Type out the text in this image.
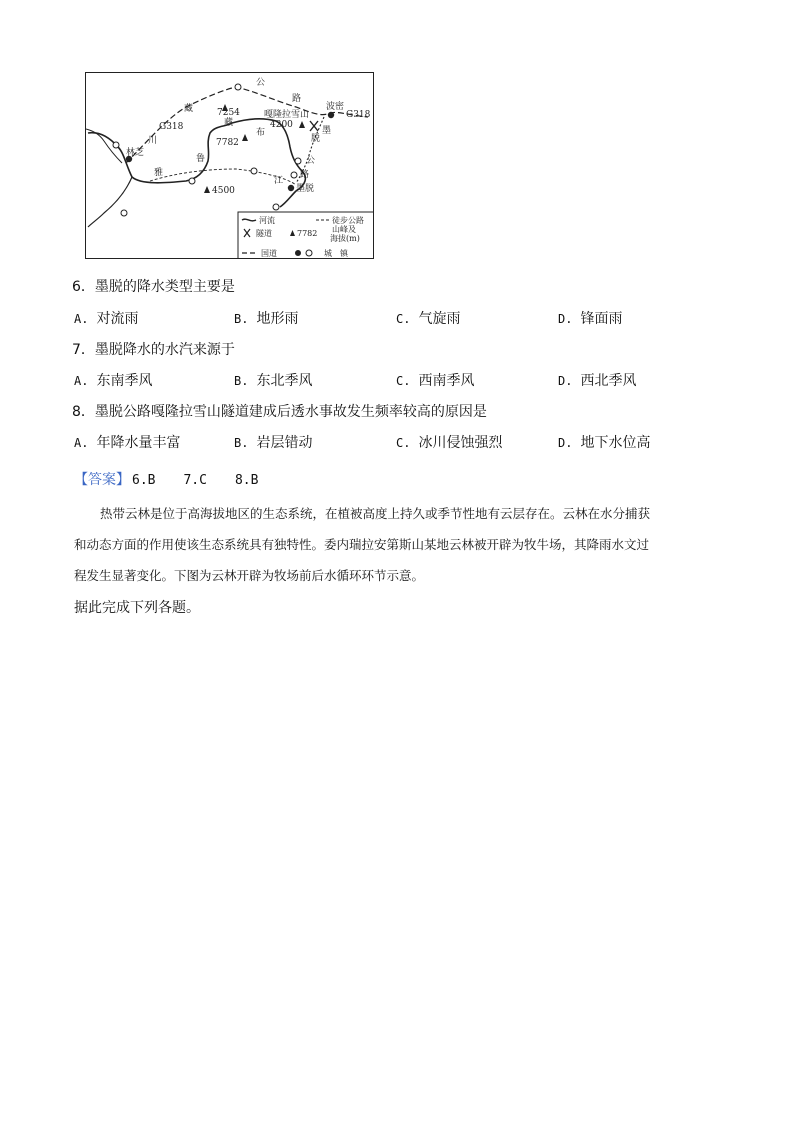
公
路
藏	7254
藏
嘎隆拉雪山
4200
波密
G318
G318
川
布	墨
脱
7782
林芝
鲁	公
雅	路
江
墨脱
4500
河流	徒步公路
隧道	7782 山峰及
海拔(m)
国道	城　镇
6．墨脱的降水类型主要是
A. 对流雨	B. 地形雨	C. 气旋雨	D. 锋面雨
7．墨脱降水的水汽来源于
A. 东南季风	B. 东北季风	C. 西南季风	D. 西北季风
8．墨脱公路嘎隆拉雪山隧道建成后透水事故发生频率较高的原因是
A. 年降水量丰富	B. 岩层错动	C. 冰川侵蚀强烈	D. 地下水位高
【答案】 6.B 7.C 8.B
热带云林是位于高海拔地区的生态系统，在植被高度上持久或季节性地有云层存在。云林在水分捕获
和动态方面的作用使该生态系统具有独特性。委内瑞拉安第斯山某地云林被开辟为牧牛场，其降雨水文过
程发生显著变化。下图为云林开辟为牧场前后水循环环节示意。
据此完成下列各题。
